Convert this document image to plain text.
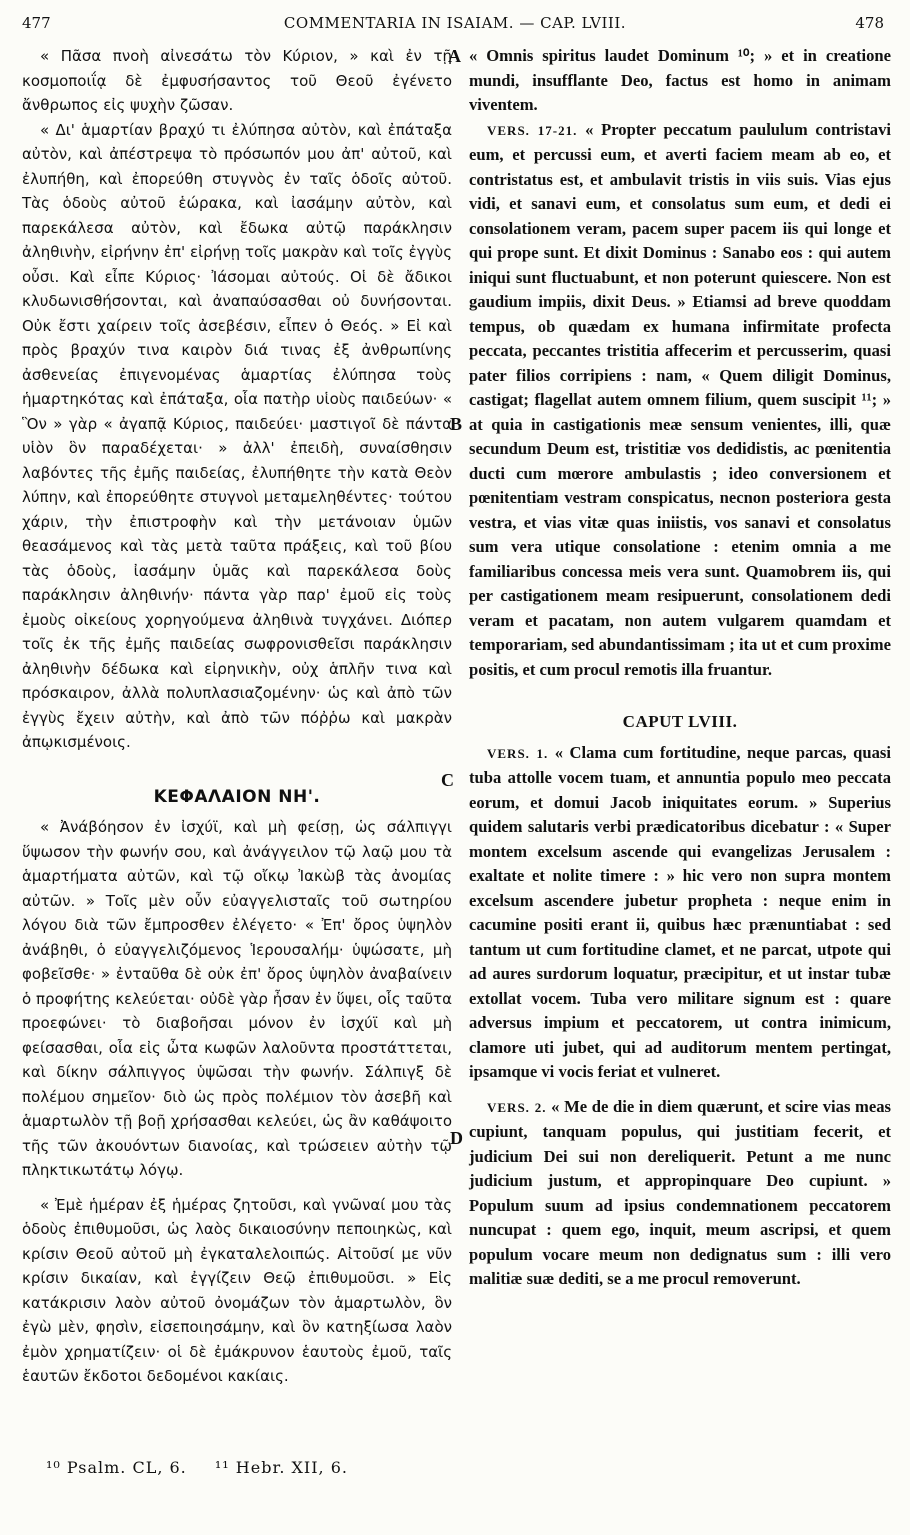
477	COMMENTARIA IN ISAIAM. — CAP. LVIII.	478

« Πᾶσα πνοὴ αἰνεσάτω τὸν Κύριον, » καὶ ἐν τῇ κοσμοποιΐᾳ δὲ ἐμφυσήσαντος τοῦ Θεοῦ ἐγένετο ἄνθρωπος εἰς ψυχὴν ζῶσαν.

« Δι' ἁμαρτίαν βραχύ τι ἐλύπησα αὐτὸν, καὶ ἐπάταξα αὐτὸν, καὶ ἀπέστρεψα τὸ πρόσωπόν μου ἀπ' αὐτοῦ, καὶ ἐλυπήθη, καὶ ἐπορεύθη στυγνὸς ἐν ταῖς ὁδοῖς αὐτοῦ. Τὰς ὁδοὺς αὐτοῦ ἑώρακα, καὶ ἰασάμην αὐτὸν, καὶ παρεκάλεσα αὐτὸν, καὶ ἔδωκα αὐτῷ παράκλησιν ἀληθινὴν, εἰρήνην ἐπ' εἰρήνῃ τοῖς μακρὰν καὶ τοῖς ἐγγὺς οὖσι. Καὶ εἶπε Κύριος· Ἰάσομαι αὐτούς. Οἱ δὲ ἄδικοι κλυδωνισθήσονται, καὶ ἀναπαύσασθαι οὐ δυνήσονται. Οὐκ ἔστι χαίρειν τοῖς ἀσεβέσιν, εἶπεν ὁ Θεός. » Εἰ καὶ πρὸς βραχύν τινα καιρὸν διά τινας ἐξ ἀνθρωπίνης ἀσθενείας ἐπιγενομένας ἁμαρτίας ἐλύπησα τοὺς ἡμαρτηκότας καὶ ἐπάταξα, οἷα πατὴρ υἱοὺς παιδεύων· « Ὃν » γὰρ « ἀγαπᾷ Κύριος, παιδεύει· μαστιγοῖ δὲ πάντα υἱὸν ὃν παραδέχεται· » ἀλλ' ἐπειδὴ, συναίσθησιν λαβόντες τῆς ἐμῆς παιδείας, ἐλυπήθητε τὴν κατὰ Θεὸν λύπην, καὶ ἐπορεύθητε στυγνοὶ μεταμεληθέντες· τούτου χάριν, τὴν ἐπιστροφὴν καὶ τὴν μετάνοιαν ὑμῶν θεασάμενος καὶ τὰς μετὰ ταῦτα πράξεις, καὶ τοῦ βίου τὰς ὁδοὺς, ἰασάμην ὑμᾶς καὶ παρεκάλεσα δοὺς παράκλησιν ἀληθινήν· πάντα γὰρ παρ' ἐμοῦ εἰς τοὺς ἐμοὺς οἰκείους χορηγούμενα ἀληθινὰ τυγχάνει. Διόπερ τοῖς ἐκ τῆς ἐμῆς παιδείας σωφρονισθεῖσι παράκλησιν ἀληθινὴν δέδωκα καὶ εἰρηνικὴν, οὐχ ἁπλῆν τινα καὶ πρόσκαιρον, ἀλλὰ πολυπλασιαζομένην· ὡς καὶ ἀπὸ τῶν ἐγγὺς ἔχειν αὐτὴν, καὶ ἀπὸ τῶν πόῤῥω καὶ μακρὰν ἀπῳκισμένοις.

ΚΕΦΑΛΑΙΟΝ ΝΗ'.

« Ἀνάβόησον ἐν ἰσχύϊ, καὶ μὴ φείσῃ, ὡς σάλπιγγι ὕψωσον τὴν φωνήν σου, καὶ ἀνάγγειλον τῷ λαῷ μου τὰ ἁμαρτήματα αὐτῶν, καὶ τῷ οἴκῳ Ἰακὼβ τὰς ἀνομίας αὐτῶν. » Τοῖς μὲν οὖν εὐαγγελισταῖς τοῦ σωτηρίου λόγου διὰ τῶν ἔμπροσθεν ἐλέγετο· « Ἐπ' ὄρος ὑψηλὸν ἀνάβηθι, ὁ εὐαγγελιζόμενος Ἱερουσαλήμ· ὑψώσατε, μὴ φοβεῖσθε· » ἐνταῦθα δὲ οὐκ ἐπ' ὄρος ὑψηλὸν ἀναβαίνειν ὁ προφήτης κελεύεται· οὐδὲ γὰρ ἦσαν ἐν ὕψει, οἷς ταῦτα προεφώνει· τὸ διαβοῆσαι μόνον ἐν ἰσχύϊ καὶ μὴ φείσασθαι, οἷα εἰς ὦτα κωφῶν λαλοῦντα προστάττεται, καὶ δίκην σάλπιγγος ὑψῶσαι τὴν φωνήν. Σάλπιγξ δὲ πολέμου σημεῖον· διὸ ὡς πρὸς πολέμιον τὸν ἀσεβῆ καὶ ἁμαρτωλὸν τῇ βοῇ χρήσασθαι κελεύει, ὡς ἂν καθάψοιτο τῆς τῶν ἀκουόντων διανοίας, καὶ τρώσειεν αὐτὴν τῷ πληκτικωτάτῳ λόγῳ.

« Ἐμὲ ἡμέραν ἐξ ἡμέρας ζητοῦσι, καὶ γνῶναί μου τὰς ὁδοὺς ἐπιθυμοῦσι, ὡς λαὸς δικαιοσύνην πεποιηκὼς, καὶ κρίσιν Θεοῦ αὐτοῦ μὴ ἐγκαταλελοιπώς. Αἰτοῦσί με νῦν κρίσιν δικαίαν, καὶ ἐγγίζειν Θεῷ ἐπιθυμοῦσι. » Εἰς κατάκρισιν λαὸν αὐτοῦ ὀνομάζων τὸν ἁμαρτωλὸν, ὃν ἐγὼ μὲν, φησὶν, εἰσεποιησάμην, καὶ ὃν κατηξίωσα λαὸν ἐμὸν χρηματίζειν· οἱ δὲ ἐμάκρυνον ἑαυτοὺς ἐμοῦ, ταῖς ἑαυτῶν ἔκδοτοι δεδομένοι κακίαις.

A
B
C
D

« Omnis spiritus laudet Dominum ¹⁰; » et in creatione mundi, insufflante Deo, factus est homo in animam viventem.

VERS. 17-21. « Propter peccatum paululum contristavi eum, et percussi eum, et averti faciem meam ab eo, et contristatus est, et ambulavit tristis in viis suis. Vias ejus vidi, et sanavi eum, et consolatus sum eum, et dedi ei consolationem veram, pacem super pacem iis qui longe et qui prope sunt. Et dixit Dominus : Sanabo eos : qui autem iniqui sunt fluctuabunt, et non poterunt quiescere. Non est gaudium impiis, dixit Deus. » Etiamsi ad breve quoddam tempus, ob quædam ex humana infirmitate profecta peccata, peccantes tristitia affecerim et percusserim, quasi pater filios corripiens : nam, « Quem diligit Dominus, castigat; flagellat autem omnem filium, quem suscipit ¹¹; » at quia in castigationis meæ sensum venientes, illi, quæ secundum Deum est, tristitiæ vos dedidistis, ac pœnitentia ducti cum mœrore ambulastis ; ideo conversionem et pœnitentiam vestram conspicatus, necnon posteriora gesta vestra, et vias vitæ quas iniistis, vos sanavi et consolatus sum vera utique consolatione : etenim omnia a me familiaribus concessa meis vera sunt. Quamobrem iis, qui per castigationem meam resipuerunt, consolationem dedi veram et pacatam, non autem vulgarem quamdam et temporariam, sed abundantissimam ; ita ut et cum proxime positis, et cum procul remotis illa fruantur.

CAPUT LVIII.

VERS. 1. « Clama cum fortitudine, neque parcas, quasi tuba attolle vocem tuam, et annuntia populo meo peccata eorum, et domui Jacob iniquitates eorum. » Superius quidem salutaris verbi prædicatoribus dicebatur : « Super montem excelsum ascende qui evangelizas Jerusalem : exaltate et nolite timere : » hic vero non supra montem excelsum ascendere jubetur propheta : neque enim in cacumine positi erant ii, quibus hæc prænuntiabat : sed tantum ut cum fortitudine clamet, et ne parcat, utpote qui ad aures surdorum loquatur, præcipitur, et ut instar tubæ extollat vocem. Tuba vero militare signum est : quare adversus impium et peccatorem, ut contra inimicum, clamore uti jubet, qui ad auditorum mentem pertingat, ipsamque vi vocis feriat et vulneret.

VERS. 2. « Me de die in diem quærunt, et scire vias meas cupiunt, tanquam populus, qui justitiam fecerit, et judicium Dei sui non dereliquerit. Petunt a me nunc judicium justum, et appropinquare Deo cupiunt. » Populum suum ad ipsius condemnationem peccatorem nuncupat : quem ego, inquit, meum ascripsi, et quem populum vocare meum non dedignatus sum : illi vero malitiæ suæ dediti, se a me procul removerunt.

¹⁰ Psalm. CL, 6. ¹¹ Hebr. XII, 6.
